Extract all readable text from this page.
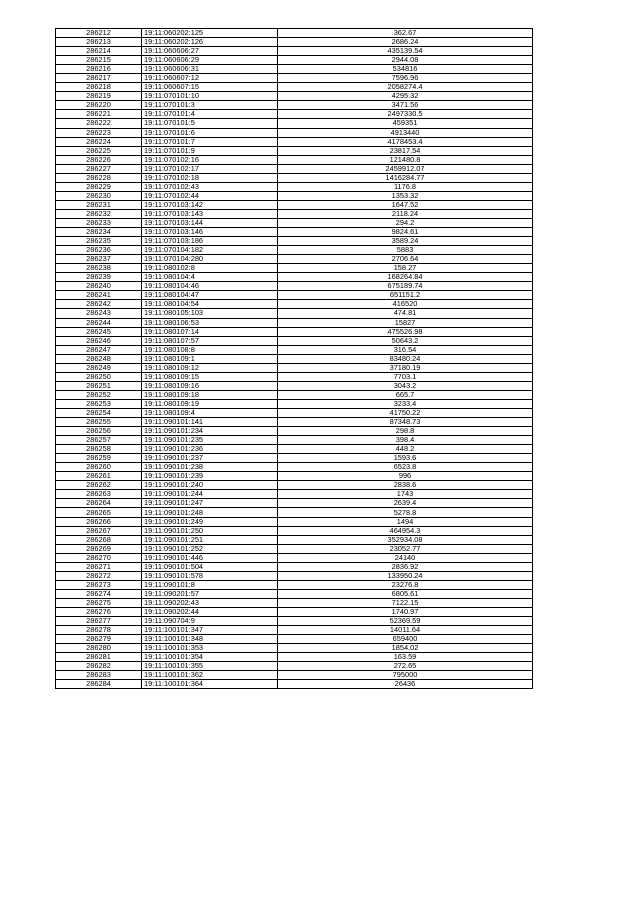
286212	19:11:060202:125	362.67
286213	19:11:060202:126	2686.24
286214	19:11:060606:27	435139.54
286215	19:11:060606:29	2944.08
286216	19:11:060606:31	534816
286217	19:11:060607:12	7596.96
286218	19:11:060607:15	2058274.4
286219	19:11:070101:10	4295.32
286220	19:11:070101:3	3471.56
286221	19:11:070101:4	2497330.5
286222	19:11:070101:5	459351
286223	19:11:070101:6	4913440
286224	19:11:070101:7	4178453.4
286225	19:11:070101:9	23817.54
286226	19:11:070102:16	121480.8
286227	19:11:070102:17	2459912.07
286228	19:11:070102:18	1416284.77
286229	19:11:070102:43	1176.8
286230	19:11:070102:44	1353.32
286231	19:11:070103:142	1647.52
286232	19:11:070103:143	2118.24
286233	19:11:070103:144	294.2
286234	19:11:070103:146	9824.61
286235	19:11:070103:186	3589.24
286236	19:11:070104:182	5883
286237	19:11:070104:280	2706.64
286238	19:11:080102:8	158.27
286239	19:11:080104:4	168264.84
286240	19:11:080104:46	675189.74
286241	19:11:080104:47	651151.2
286242	19:11:080104:54	416520
286243	19:11:080105:103	474.81
286244	19:11:080106:53	15827
286245	19:11:080107:14	475526.98
286246	19:11:080107:57	50643.2
286247	19:11:080108:8	316.54
286248	19:11:080109:1	83480.24
286249	19:11:080109:12	37180.19
286250	19:11:080109:15	7703.1
286251	19:11:080109:16	3043.2
286252	19:11:080109:18	665.7
286253	19:11:080109:19	3233.4
286254	19:11:080109:4	41750.22
286255	19:11:090101:141	87348.73
286256	19:11:090101:234	298.8
286257	19:11:090101:235	398.4
286258	19:11:090101:236	448.2
286259	19:11:090101:237	1593.6
286260	19:11:090101:238	6523.8
286261	19:11:090101:239	996
286262	19:11:090101:240	2838.6
286263	19:11:090101:244	1743
286264	19:11:090101:247	2639.4
286265	19:11:090101:248	5278.8
286266	19:11:090101:249	1494
286267	19:11:090101:250	464954.3
286268	19:11:090101:251	352934.08
286269	19:11:090101:252	23052.77
286270	19:11:090101:446	24140
286271	19:11:090101:504	2836.92
286272	19:11:090101:578	133950.24
286273	19:11:090101:8	23276.8
286274	19:11:090201:57	6805.61
286275	19:11:090202:43	7122.15
286276	19:11:090202:44	1740.97
286277	19:11:090704:9	52369.59
286278	19:11:100101:347	14011.64
286279	19:11:100101:348	659400
286280	19:11:100101:353	1854.02
286281	19:11:100101:354	163.59
286282	19:11:100101:355	272.65
286283	19:11:100101:362	795000
286284	19:11:100101:364	26436
